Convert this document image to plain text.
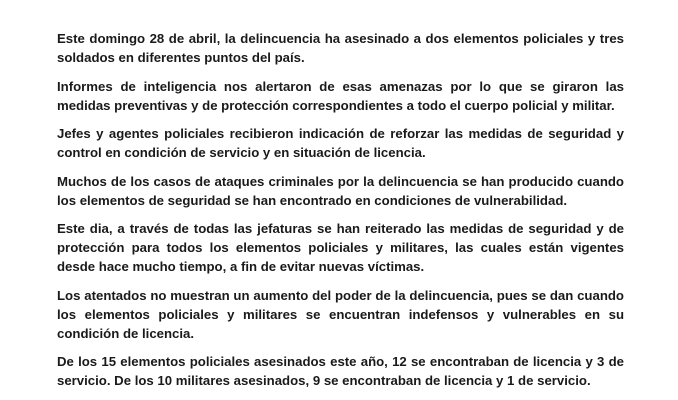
Este domingo 28 de abril, la delincuencia ha asesinado a dos elementos policiales y tres soldados en diferentes puntos del país.

Informes de inteligencia nos alertaron de esas amenazas por lo que se giraron las medidas preventivas y de protección correspondientes a todo el cuerpo policial y militar.

Jefes y agentes policiales recibieron indicación de reforzar las medidas de seguridad y control en condición de servicio y en situación de licencia.

Muchos de los casos de ataques criminales por la delincuencia se han producido cuando los elementos de seguridad se han encontrado en condiciones de vulnerabilidad.

Este dia, a través de todas las jefaturas se han reiterado las medidas de seguridad y de protección para todos los elementos policiales y militares, las cuales están vigentes desde hace mucho tiempo, a fin de evitar nuevas víctimas.

Los atentados no muestran un aumento del poder de la delincuencia, pues se dan cuando los elementos policiales y militares se encuentran indefensos y vulnerables en su condición de licencia.

De los 15 elementos policiales asesinados este año, 12 se encontraban de licencia y 3 de servicio. De los 10 militares asesinados, 9 se encontraban de licencia y 1 de servicio.
